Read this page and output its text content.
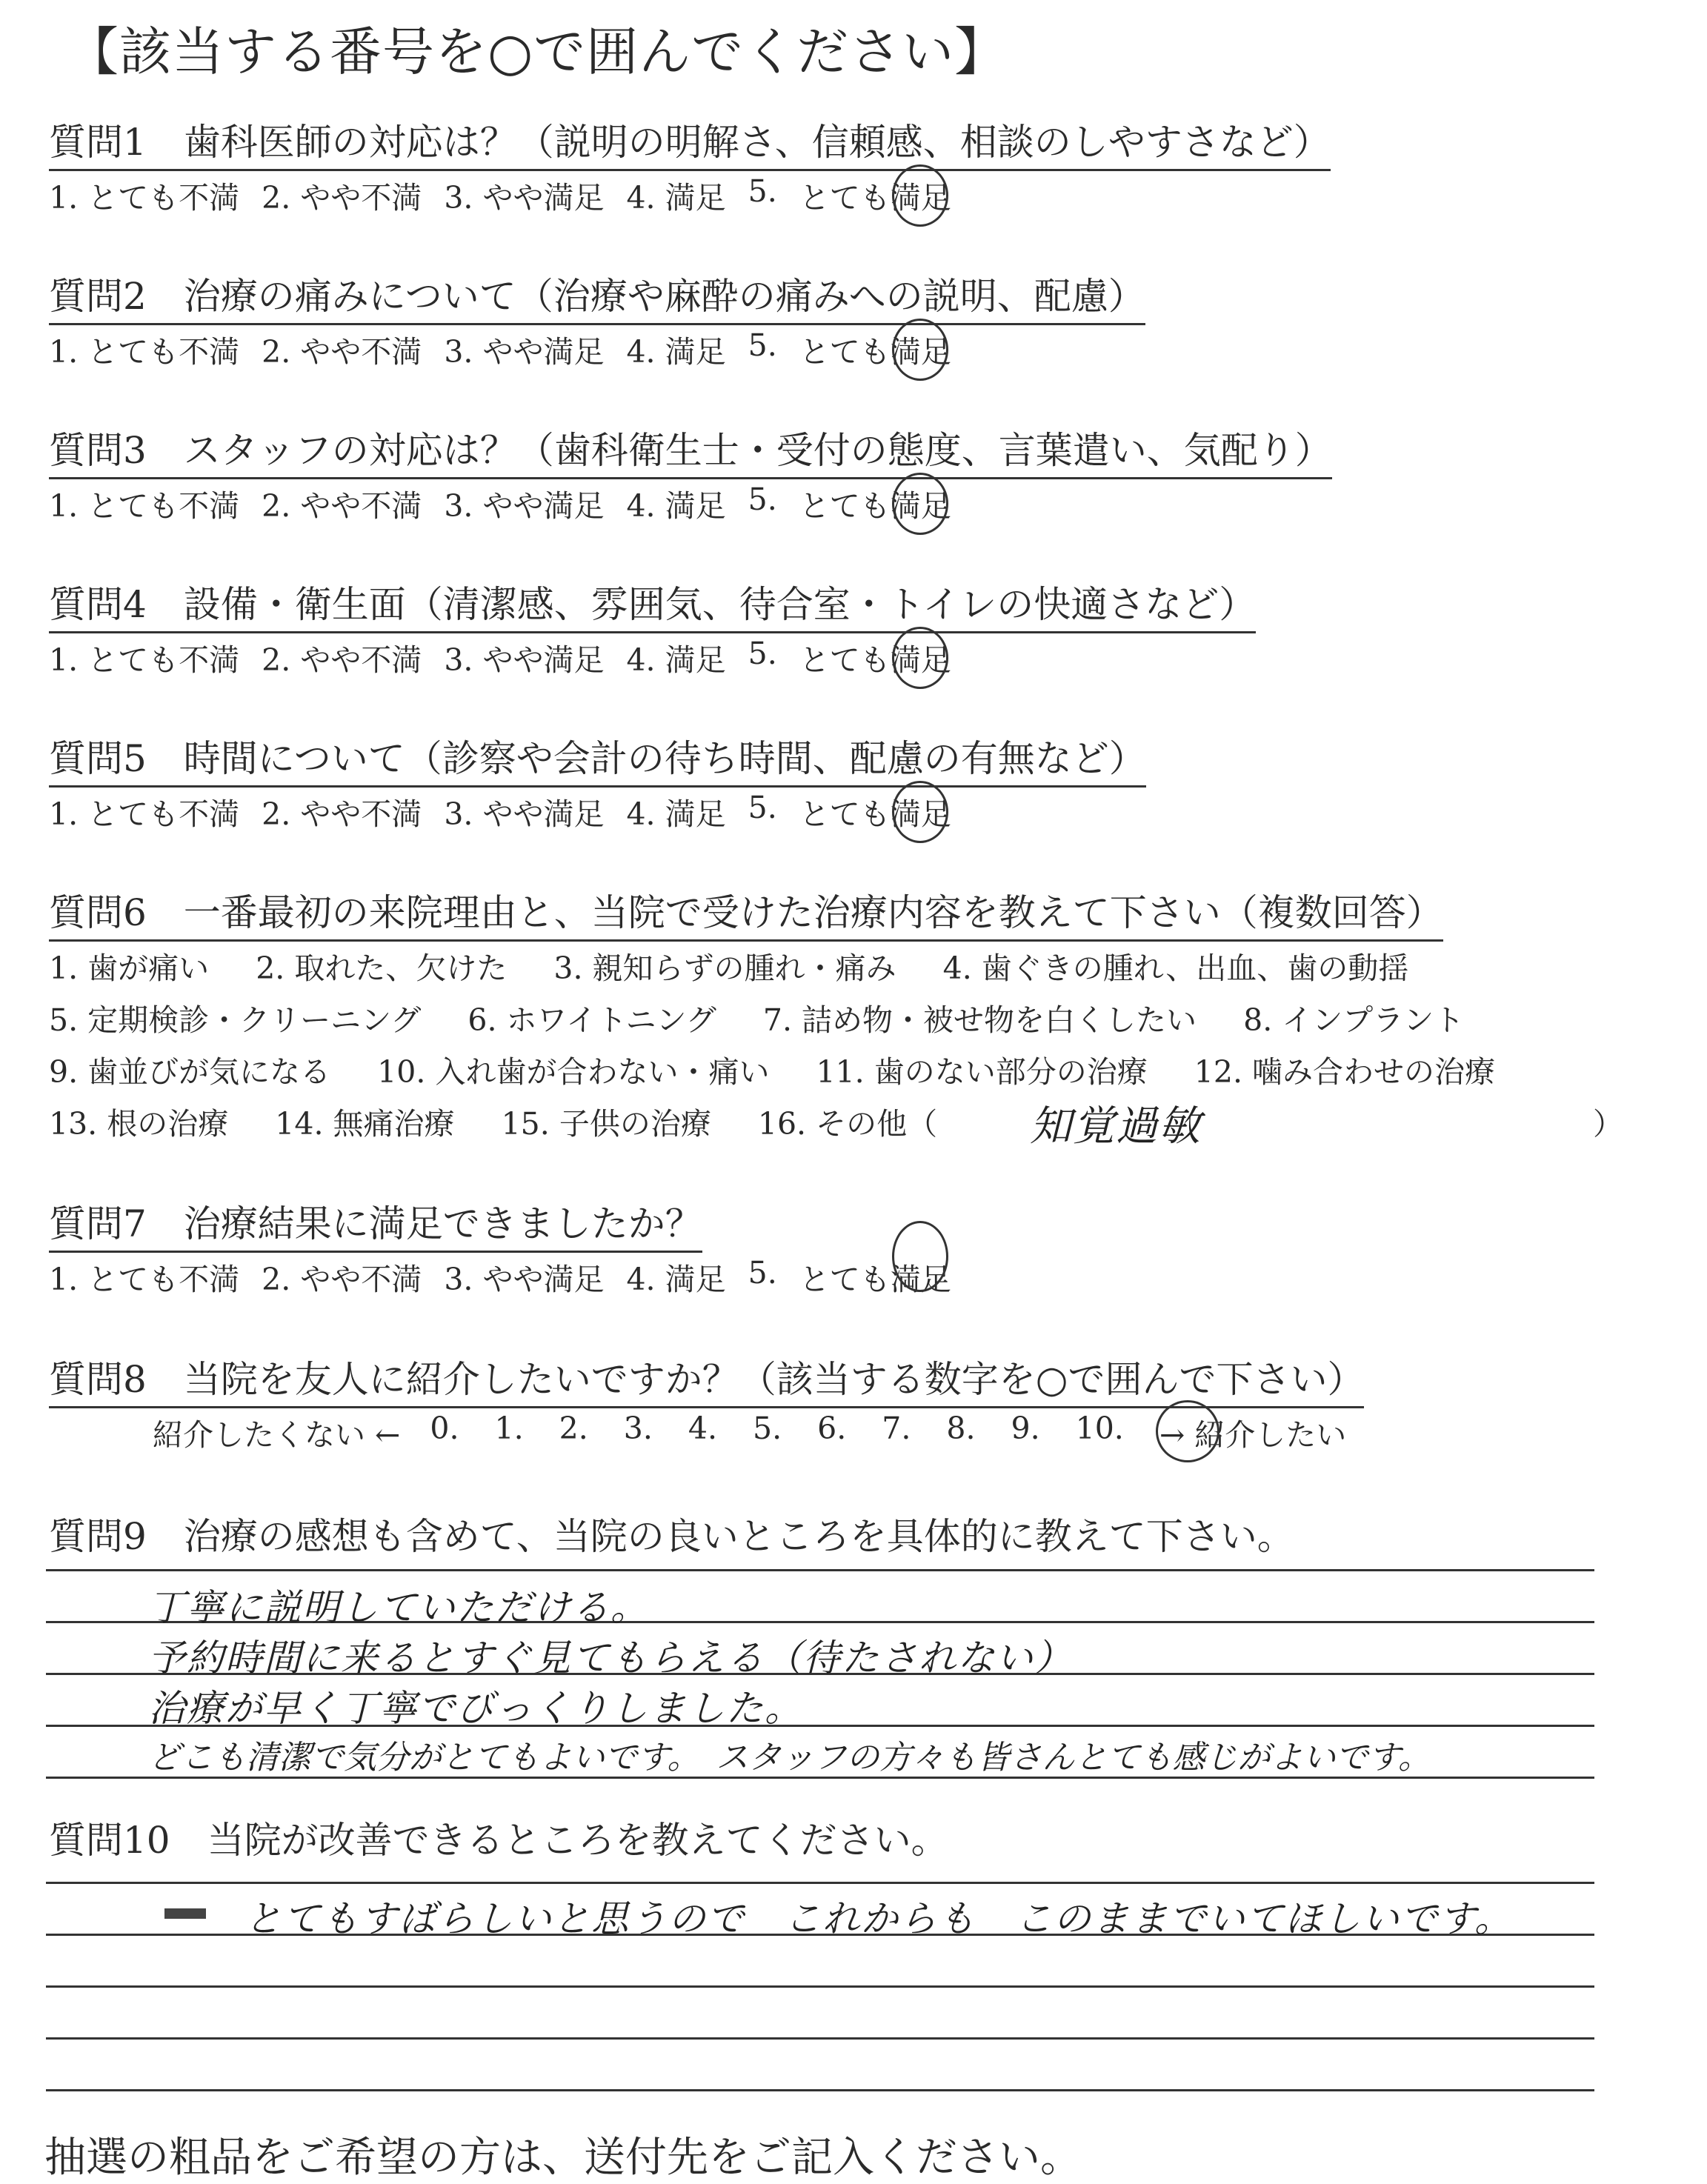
【該当する番号を○で囲んでください】
質問1　歯科医師の対応は？（説明の明解さ、信頼感、相談のしやすさなど）
1. とても不満 2. やや不満 3. やや満足 4. 満足 5. とても満足
質問2　治療の痛みについて（治療や麻酔の痛みへの説明、配慮）
1. とても不満 2. やや不満 3. やや満足 4. 満足 5. とても満足
質問3　スタッフの対応は？（歯科衛生士・受付の態度、言葉遣い、気配り）
1. とても不満 2. やや不満 3. やや満足 4. 満足 5. とても満足
質問4　設備・衛生面（清潔感、雰囲気、待合室・トイレの快適さなど）
1. とても不満 2. やや不満 3. やや満足 4. 満足 5. とても満足
質問5　時間について（診察や会計の待ち時間、配慮の有無など）
1. とても不満 2. やや不満 3. やや満足 4. 満足 5. とても満足
質問6　一番最初の来院理由と、当院で受けた治療内容を教えて下さい（複数回答）
1. 歯が痛い 2. 取れた、欠けた 3. 親知らずの腫れ・痛み 4. 歯ぐきの腫れ、出血、歯の動揺
5. 定期検診・クリーニング 6. ホワイトニング 7. 詰め物・被せ物を白くしたい 8. インプラント
9. 歯並びが気になる 10. 入れ歯が合わない・痛い 11. 歯のない部分の治療 12. 噛み合わせの治療
13. 根の治療 14. 無痛治療 15. 子供の治療 16. その他（ 知覚過敏	）
質問7　治療結果に満足できましたか？
1. とても不満 2. やや不満 3. やや満足 4. 満足 5. とても満足
質問8　当院を友人に紹介したいですか？（該当する数字を○で囲んで下さい）
紹介したくない ← 0. 1. 2. 3. 4. 5. 6. 7. 8. 9. 10. → 紹介したい
質問9　治療の感想も含めて、当院の良いところを具体的に教えて下さい。
丁寧に説明していただける。
予約時間に来るとすぐ見てもらえる（待たされない）
治療が早く丁寧でびっくりしました。
どこも清潔で気分がとてもよいです。　スタッフの方々も皆さんとても感じがよいです。
質問10　当院が改善できるところを教えてください。
とてもすばらしいと思うので　これからも　このままでいてほしいです。
抽選の粗品をご希望の方は、送付先をご記入ください。
